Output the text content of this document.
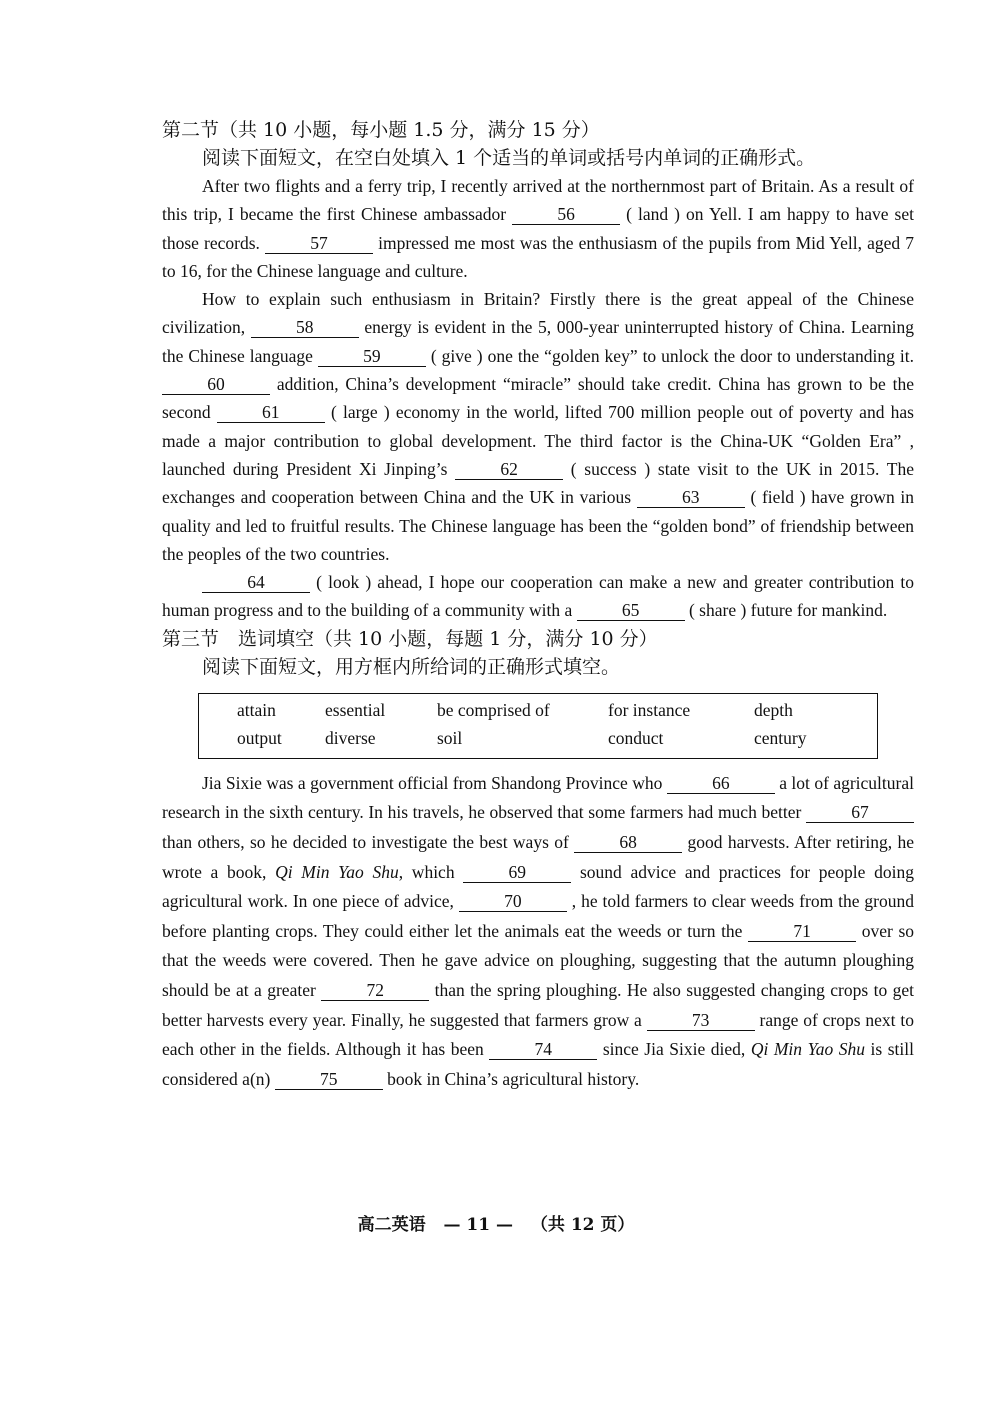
第二节（共 10 小题，每小题 1.5 分，满分 15 分）

阅读下面短文，在空白处填入 1 个适当的单词或括号内单词的正确形式。

After two flights and a ferry trip, I recently arrived at the northernmost part of Britain. As a result of this trip, I became the first Chinese ambassador	56	( land ) on Yell. I am happy to have set those records.	57	impressed me most was the enthusiasm of the pupils from Mid Yell, aged 7 to 16, for the Chinese language and culture.

How to explain such enthusiasm in Britain? Firstly there is the great appeal of the Chinese civilization,	58	energy is evident in the 5, 000-year uninterrupted history of China. Learning the Chinese language	59	( give ) one the “golden key” to unlock the door to understanding it. 60	addition, China’s development “miracle” should take credit. China has grown to be the second	61	( large ) economy in the world, lifted 700 million people out of poverty and has made a major contribution to global development. The third factor is the China-UK “Golden Era” , launched during President Xi Jinping’s	62	( success ) state visit to the UK in 2015. The exchanges and cooperation between China and the UK in various	63	( field ) have grown in quality and led to fruitful results. The Chinese language has been the “golden bond” of friendship between the peoples of the two countries.

64	( look ) ahead, I hope our cooperation can make a new and greater contribution to human progress and to the building of a community with a	65	( share ) future for mankind.

第三节　选词填空（共 10 小题，每题 1 分，满分 10 分）

阅读下面短文，用方框内所给词的正确形式填空。

attain	essential	be comprised of	for instance	depth
output	diverse	soil	conduct	century

Jia Sixie was a government official from Shandong Province who	66	a lot of agricultural research in the sixth century. In his travels, he observed that some farmers had much better	67 than others, so he decided to investigate the best ways of	68	good harvests. After retiring, he wrote a book, Qi Min Yao Shu, which	69	sound advice and practices for people doing agricultural work. In one piece of advice,	70	, he told farmers to clear weeds from the ground before planting crops. They could either let the animals eat the weeds or turn the	71	over so that the weeds were covered. Then he gave advice on ploughing, suggesting that the autumn ploughing should be at a greater	72	than the spring ploughing. He also suggested changing crops to get better harvests every year. Finally, he suggested that farmers grow a	73	range of crops next to each other in the fields. Although it has been	74	since Jia Sixie died, Qi Min Yao Shu is still considered a(n)	75	book in China’s agricultural history.

高二英语 — 11 — （共 12 页）
